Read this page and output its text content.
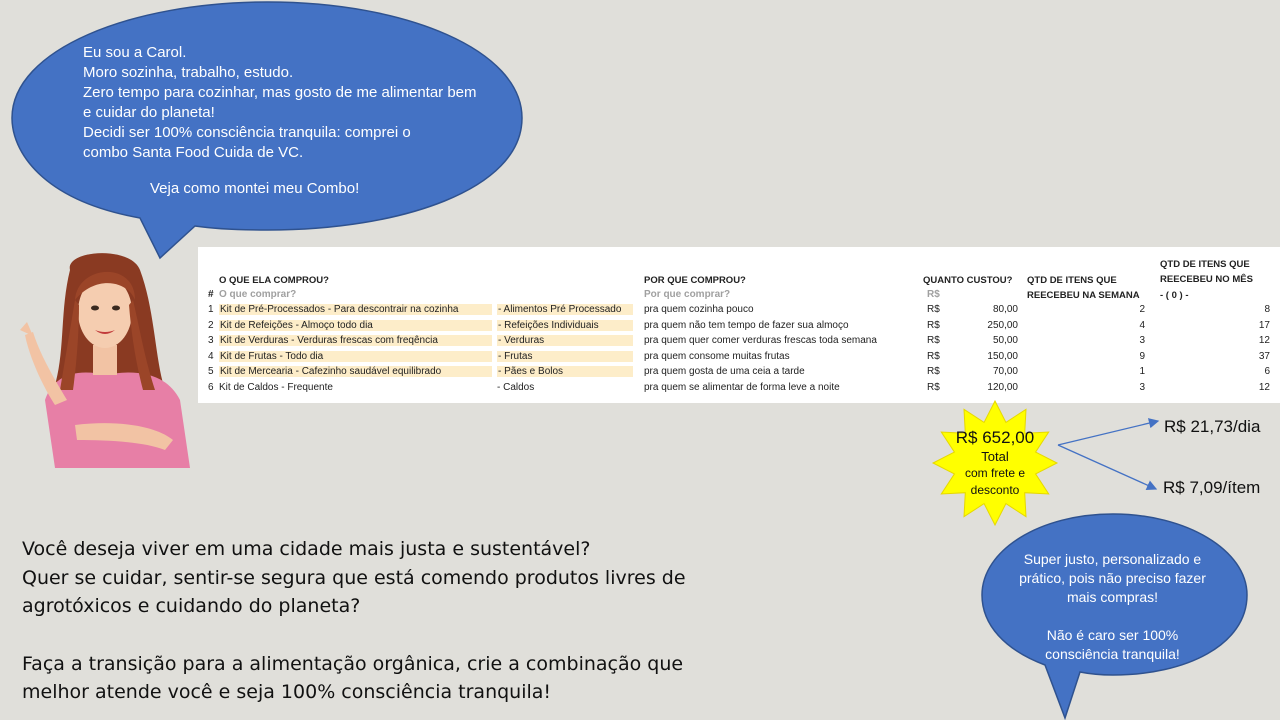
Eu sou a Carol.
Moro sozinha, trabalho, estudo.
Zero tempo para cozinhar, mas gosto de me alimentar bem
e cuidar do planeta!
Decidi ser 100% consciência tranquila: comprei o
combo Santa Food Cuida de VC.
Veja como montei meu Combo!
O QUE ELA COMPROU?	POR QUE COMPROU?	QUANTO CUSTOU? QTD DE ITENS QUE
REECEBEU NA SEMANA
QTD DE ITENS QUE
REECEBEU NO MÊS
- ( 0 ) -
# O que comprar?	Por que comprar?	R$
1 Kit de Pré-Processados - Para descontrair na cozinha	- Alimentos Pré Processado	pra quem cozinha pouco	R$	80,00	2	8
2 Kit de Refeições - Almoço todo dia	- Refeições Individuais	pra quem não tem tempo de fazer sua almoço	R$	250,00	4	17
3 Kit de Verduras - Verduras frescas com freqência	- Verduras	pra quem quer comer verduras frescas toda semana	R$	50,00	3	12
4 Kit de Frutas - Todo dia	- Frutas	pra quem consome muitas frutas	R$	150,00	9	37
5 Kit de Mercearia - Cafezinho saudável equilibrado	- Pães e Bolos	pra quem gosta de uma ceia a tarde	R$	70,00	1	6
6 Kit de Caldos - Frequente	- Caldos	pra quem se alimentar de forma leve a noite	R$	120,00	3	12
R$ 652,00
Total
com frete e
desconto
R$ 21,73/dia
R$ 7,09/ítem
Você deseja viver em uma cidade mais justa e sustentável?
Quer se cuidar, sentir-se segura que está comendo produtos livres de
agrotóxicos e cuidando do planeta?
Faça a transição para a alimentação orgânica, crie a combinação que
melhor atende você e seja 100% consciência tranquila!
Super justo, personalizado e
prático, pois não preciso fazer
mais compras!
Não é caro ser 100%
consciência tranquila!
